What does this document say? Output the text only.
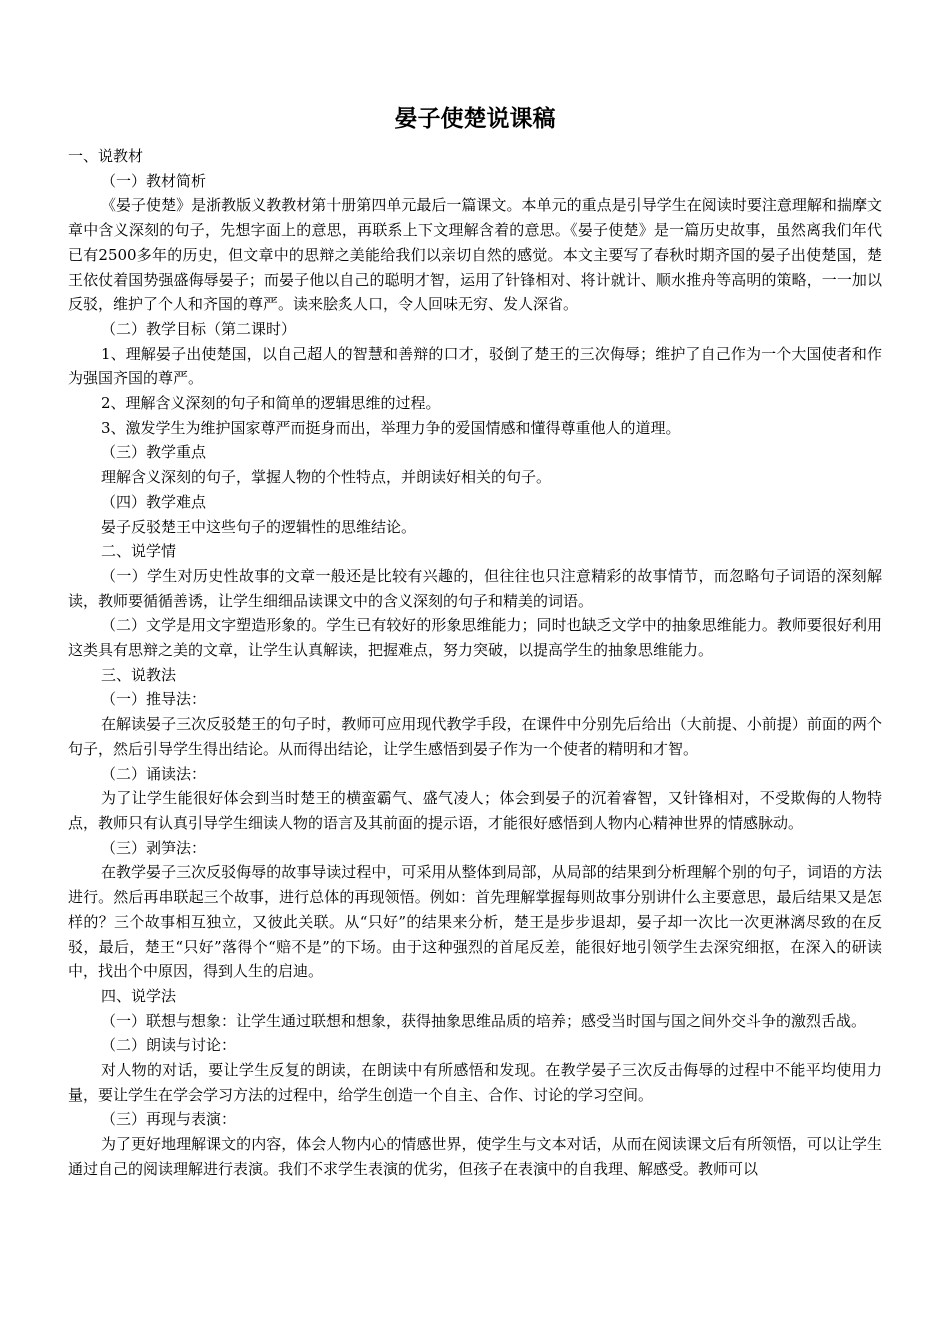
晏子使楚说课稿

一、说教材

（一）教材简析

《晏子使楚》是浙教版义教教材第十册第四单元最后一篇课文。本单元的重点是引导学生在阅读时要注意理解和揣摩文章中含义深刻的句子，先想字面上的意思，再联系上下文理解含着的意思。《晏子使楚》是一篇历史故事，虽然离我们年代已有2500多年的历史，但文章中的思辩之美能给我们以亲切自然的感觉。本文主要写了春秋时期齐国的晏子出使楚国，楚王依仗着国势强盛侮辱晏子；而晏子他以自己的聪明才智，运用了针锋相对、将计就计、顺水推舟等高明的策略，一一加以反驳，维护了个人和齐国的尊严。读来脍炙人口，令人回味无穷、发人深省。

（二）教学目标（第二课时）

1、理解晏子出使楚国，以自己超人的智慧和善辩的口才，驳倒了楚王的三次侮辱；维护了自己作为一个大国使者和作为强国齐国的尊严。

2、理解含义深刻的句子和简单的逻辑思维的过程。

3、激发学生为维护国家尊严而挺身而出，举理力争的爱国情感和懂得尊重他人的道理。

（三）教学重点

理解含义深刻的句子，掌握人物的个性特点，并朗读好相关的句子。

（四）教学难点

晏子反驳楚王中这些句子的逻辑性的思维结论。

二、说学情

（一）学生对历史性故事的文章一般还是比较有兴趣的，但往往也只注意精彩的故事情节，而忽略句子词语的深刻解读，教师要循循善诱，让学生细细品读课文中的含义深刻的句子和精美的词语。

（二）文学是用文字塑造形象的。学生已有较好的形象思维能力；同时也缺乏文学中的抽象思维能力。教师要很好利用这类具有思辩之美的文章，让学生认真解读，把握难点，努力突破，以提高学生的抽象思维能力。

三、说教法

（一）推导法：

在解读晏子三次反驳楚王的句子时，教师可应用现代教学手段，在课件中分别先后给出（大前提、小前提）前面的两个句子，然后引导学生得出结论。从而得出结论，让学生感悟到晏子作为一个使者的精明和才智。

（二）诵读法：

为了让学生能很好体会到当时楚王的横蛮霸气、盛气凌人；体会到晏子的沉着睿智，又针锋相对，不受欺侮的人物特点，教师只有认真引导学生细读人物的语言及其前面的提示语，才能很好感悟到人物内心精神世界的情感脉动。

（三）剥笋法：

在教学晏子三次反驳侮辱的故事导读过程中，可采用从整体到局部，从局部的结果到分析理解个别的句子，词语的方法进行。然后再串联起三个故事，进行总体的再现领悟。例如：首先理解掌握每则故事分别讲什么主要意思，最后结果又是怎样的？三个故事相互独立，又彼此关联。从“只好”的结果来分析，楚王是步步退却，晏子却一次比一次更淋漓尽致的在反驳，最后，楚王“只好”落得个“赔不是”的下场。由于这种强烈的首尾反差，能很好地引领学生去深究细抠，在深入的研读中，找出个中原因，得到人生的启迪。

四、说学法

（一）联想与想象：让学生通过联想和想象，获得抽象思维品质的培养；感受当时国与国之间外交斗争的激烈舌战。

（二）朗读与讨论：

对人物的对话，要让学生反复的朗读，在朗读中有所感悟和发现。在教学晏子三次反击侮辱的过程中不能平均使用力量，要让学生在学会学习方法的过程中，给学生创造一个自主、合作、讨论的学习空间。

（三）再现与表演：

为了更好地理解课文的内容，体会人物内心的情感世界，使学生与文本对话，从而在阅读课文后有所领悟，可以让学生通过自己的阅读理解进行表演。我们不求学生表演的优劣，但孩子在表演中的自我理、解感受。教师可以
